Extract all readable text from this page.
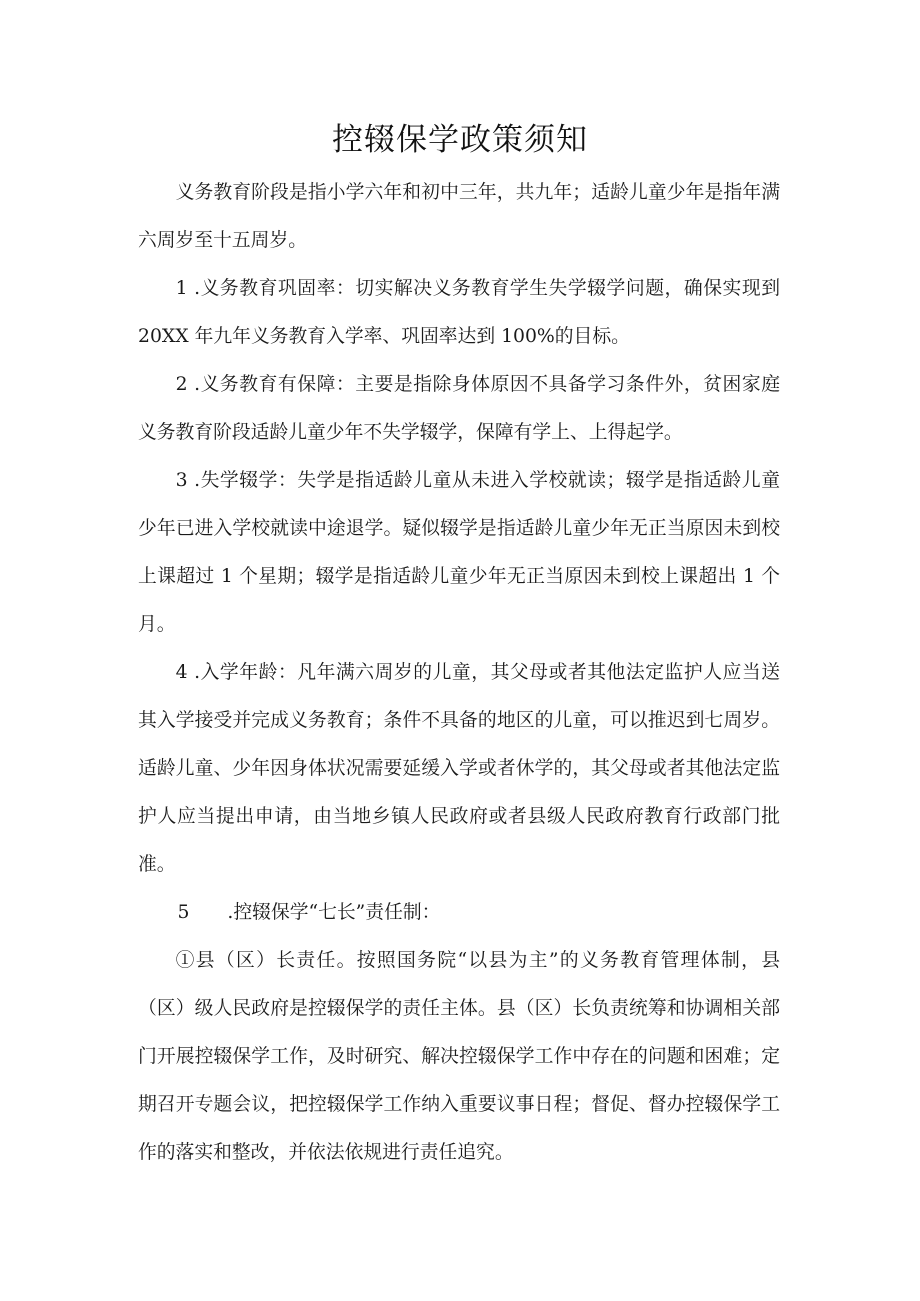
控辍保学政策须知

义务教育阶段是指小学六年和初中三年，共九年；适龄儿童少年是指年满六周岁至十五周岁。

1 .义务教育巩固率：切实解决义务教育学生失学辍学问题，确保实现到 20XX 年九年义务教育入学率、巩固率达到 100%的目标。

2 .义务教育有保障：主要是指除身体原因不具备学习条件外，贫困家庭义务教育阶段适龄儿童少年不失学辍学，保障有学上、上得起学。

3 .失学辍学：失学是指适龄儿童从未进入学校就读；辍学是指适龄儿童少年已进入学校就读中途退学。疑似辍学是指适龄儿童少年无正当原因未到校上课超过 1 个星期；辍学是指适龄儿童少年无正当原因未到校上课超出 1 个月。

4 .入学年龄：凡年满六周岁的儿童，其父母或者其他法定监护人应当送其入学接受并完成义务教育；条件不具备的地区的儿童，可以推迟到七周岁。适龄儿童、少年因身体状况需要延缓入学或者休学的，其父母或者其他法定监护人应当提出申请，由当地乡镇人民政府或者县级人民政府教育行政部门批准。

5 .控辍保学“七长”责任制：

①县（区）长责任。按照国务院“以县为主”的义务教育管理体制，县（区）级人民政府是控辍保学的责任主体。县（区）长负责统筹和协调相关部门开展控辍保学工作，及时研究、解决控辍保学工作中存在的问题和困难；定期召开专题会议，把控辍保学工作纳入重要议事日程；督促、督办控辍保学工作的落实和整改，并依法依规进行责任追究。
